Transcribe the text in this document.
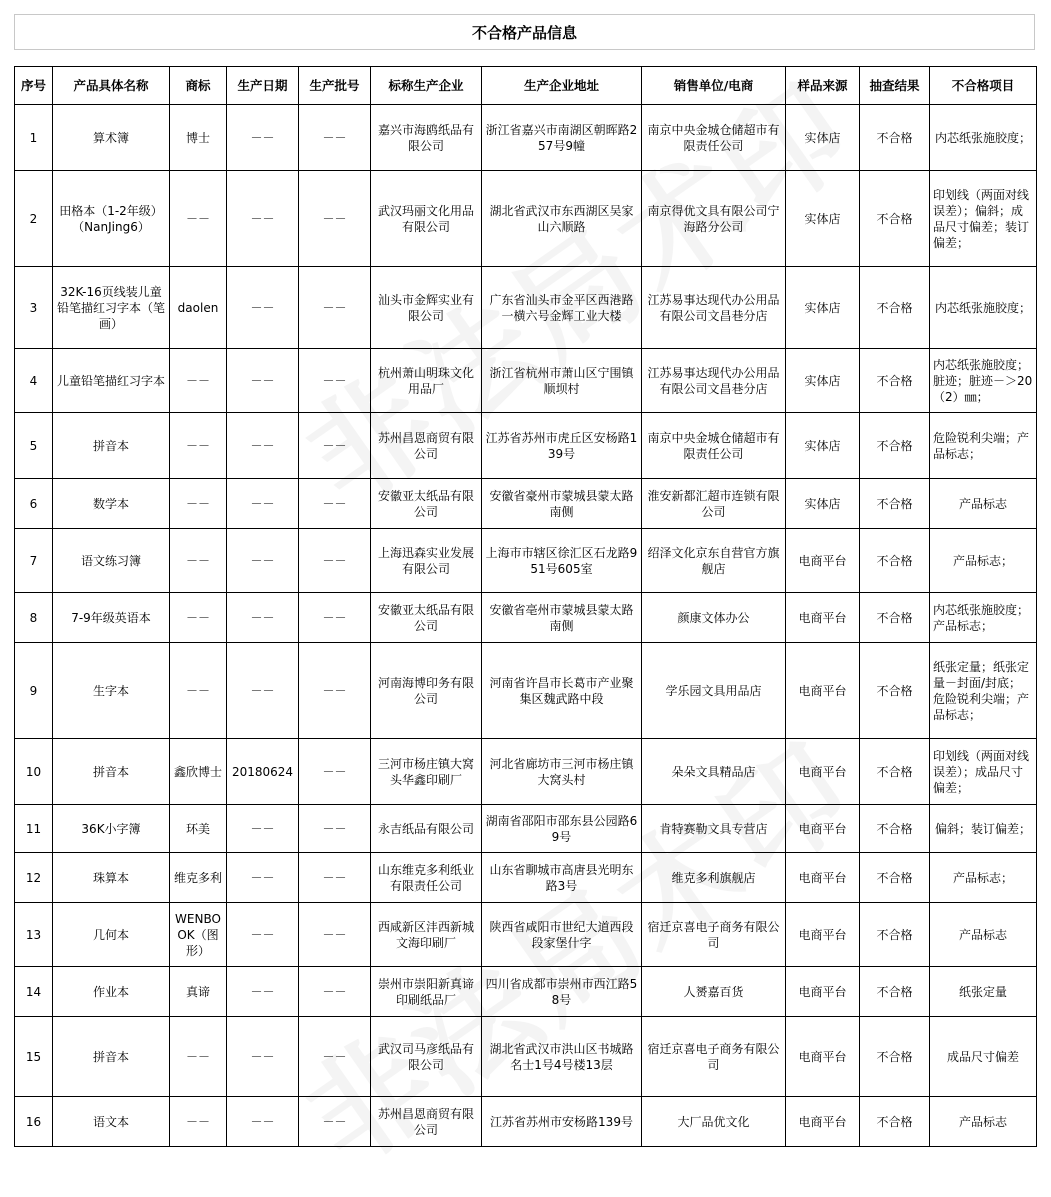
不合格产品信息
序号	产品具体名称	商标	生产日期	生产批号	标称生产企业	生产企业地址	销售单位/电商	样品来源	抽查结果	不合格项目
1	算术簿	博士	－－	－－	嘉兴市海鸥纸品有限公司	浙江省嘉兴市南湖区朝晖路257号9幢	南京中央金城仓储超市有限责任公司	实体店	不合格	内芯纸张施胶度；
2	田格本（1-2年级）（NanJing6）	－－	－－	－－	武汉玛丽文化用品有限公司	湖北省武汉市东西湖区吴家山六顺路	南京得优文具有限公司宁海路分公司	实体店	不合格	印划线（两面对线误差）；偏斜；成品尺寸偏差；装订偏差；
3	32K-16页线装儿童铅笔描红习字本（笔画）	daolen	－－	－－	汕头市金辉实业有限公司	广东省汕头市金平区西港路一横六号金辉工业大楼	江苏易事达现代办公用品有限公司文昌巷分店	实体店	不合格	内芯纸张施胶度；
4	儿童铅笔描红习字本	－－	－－	－－	杭州萧山明珠文化用品厂	浙江省杭州市萧山区宁围镇顺坝村	江苏易事达现代办公用品有限公司文昌巷分店	实体店	不合格	内芯纸张施胶度；脏迹；脏迹－＞20（2）㎜；
5	拼音本	－－	－－	－－	苏州昌恩商贸有限公司	江苏省苏州市虎丘区安杨路139号	南京中央金城仓储超市有限责任公司	实体店	不合格	危险锐利尖端；产品标志；
6	数学本	－－	－－	－－	安徽亚太纸品有限公司	安徽省豪州市蒙城县蒙太路南侧	淮安新都汇超市连锁有限公司	实体店	不合格	产品标志
7	语文练习簿	－－	－－	－－	上海迅森实业发展有限公司	上海市市辖区徐汇区石龙路951号605室	绍泽文化京东自营官方旗舰店	电商平台	不合格	产品标志；
8	7-9年级英语本	－－	－－	－－	安徽亚太纸品有限公司	安徽省亳州市蒙城县蒙太路南侧	颜康文体办公	电商平台	不合格	内芯纸张施胶度；产品标志；
9	生字本	－－	－－	－－	河南海博印务有限公司	河南省许昌市长葛市产业聚集区魏武路中段	学乐园文具用品店	电商平台	不合格	纸张定量；纸张定量－封面/封底；危险锐利尖端；产品标志；
10	拼音本	鑫欣博士	20180624	－－	三河市杨庄镇大窝头华鑫印刷厂	河北省廊坊市三河市杨庄镇大窝头村	朵朵文具精品店	电商平台	不合格	印划线（两面对线误差）；成品尺寸偏差；
11	36K小字簿	环美	－－	－－	永吉纸品有限公司	湖南省邵阳市邵东县公园路69号	肯特赛勒文具专营店	电商平台	不合格	偏斜；装订偏差；
12	珠算本	维克多利	－－	－－	山东维克多利纸业有限责任公司	山东省聊城市高唐县光明东路3号	维克多利旗舰店	电商平台	不合格	产品标志；
13	几何本	WENBOOK（图形）	－－	－－	西咸新区沣西新城文海印刷厂	陕西省咸阳市世纪大道西段段家堡什字	宿迁京喜电子商务有限公司	电商平台	不合格	产品标志
14	作业本	真谛	－－	－－	崇州市崇阳新真谛印刷纸品厂	四川省成都市崇州市西江路58号	人赟嘉百货	电商平台	不合格	纸张定量
15	拼音本	－－	－－	－－	武汉司马彦纸品有限公司	湖北省武汉市洪山区书城路名士1号4号楼13层	宿迁京喜电子商务有限公司	电商平台	不合格	成品尺寸偏差
16	语文本	－－	－－	－－	苏州昌恩商贸有限公司	江苏省苏州市安杨路139号	大厂品优文化	电商平台	不合格	产品标志
